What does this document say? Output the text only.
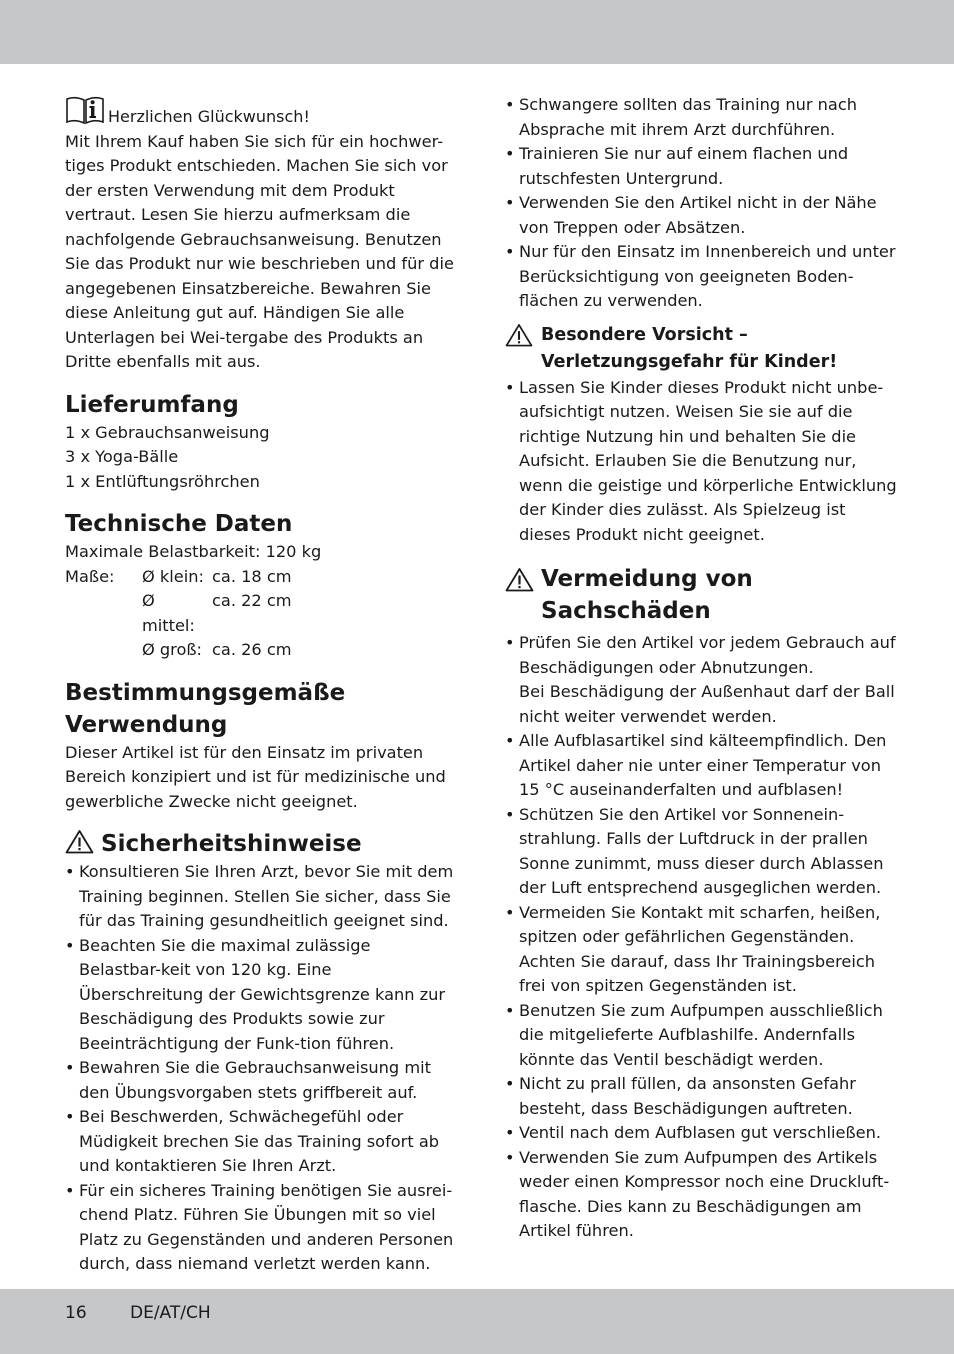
Herzlichen Glückwunsch!

Mit Ihrem Kauf haben Sie sich für ein hochwer-tiges Produkt entschieden. Machen Sie sich vor der ersten Verwendung mit dem Produkt vertraut. Lesen Sie hierzu aufmerksam die nachfolgende Gebrauchsanweisung. Benutzen Sie das Produkt nur wie beschrieben und für die angegebenen Einsatzbereiche. Bewahren Sie diese Anleitung gut auf. Händigen Sie alle Unterlagen bei Wei-tergabe des Produkts an Dritte ebenfalls mit aus.

Lieferumfang

1 x Gebrauchsanweisung

3 x Yoga-Bälle

1 x Entlüftungsröhrchen

Technische Daten

Maximale Belastbarkeit: 120 kg

Maße:	Ø klein: ca. 18 cm
Ø mittel:
ca. 22 cm
Ø groß: ca. 26 cm
Bestimmungsgemäße
Verwendung

Dieser Artikel ist für den Einsatz im privaten Bereich konzipiert und ist für medizinische und gewerbliche Zwecke nicht geeignet.

Sicherheitshinweise
• Konsultieren Sie Ihren Arzt, bevor Sie mit dem Training beginnen. Stellen Sie sicher, dass Sie für das Training gesundheitlich geeignet sind.
• Beachten Sie die maximal zulässige Belastbar-keit von 120 kg. Eine Überschreitung der Gewichtsgrenze kann zur Beschädigung des Produkts sowie zur Beeinträchtigung der Funk-tion führen.
• Bewahren Sie die Gebrauchsanweisung mit den Übungsvorgaben stets griffbereit auf.
• Bei Beschwerden, Schwächegefühl oder Müdigkeit brechen Sie das Training sofort ab und kontaktieren Sie Ihren Arzt.
• Für ein sicheres Training benötigen Sie ausrei-chend Platz. Führen Sie Übungen mit so viel Platz zu Gegenständen und anderen Personen durch, dass niemand verletzt werden kann.
• Schwangere sollten das Training nur nach Absprache mit ihrem Arzt durchführen.
• Trainieren Sie nur auf einem flachen und rutschfesten Untergrund.
• Verwenden Sie den Artikel nicht in der Nähe von Treppen oder Absätzen.
• Nur für den Einsatz im Innenbereich und unter Berücksichtigung von geeigneten Boden-flächen zu verwenden.
Besondere Vorsicht –
Verletzungsgefahr für Kinder!
• Lassen Sie Kinder dieses Produkt nicht unbe-aufsichtigt nutzen. Weisen Sie sie auf die richtige Nutzung hin und behalten Sie die Aufsicht. Erlauben Sie die Benutzung nur, wenn die geistige und körperliche Entwicklung der Kinder dies zulässt. Als Spielzeug ist dieses Produkt nicht geeignet.
Vermeidung von
Sachschäden
• Prüfen Sie den Artikel vor jedem Gebrauch auf Beschädigungen oder Abnutzungen.
Bei Beschädigung der Außenhaut darf der Ball nicht weiter verwendet werden.
• Alle Aufblasartikel sind kälteempfindlich. Den Artikel daher nie unter einer Temperatur von 15 °C auseinanderfalten und aufblasen!
• Schützen Sie den Artikel vor Sonnenein-strahlung. Falls der Luftdruck in der prallen Sonne zunimmt, muss dieser durch Ablassen der Luft entsprechend ausgeglichen werden.
• Vermeiden Sie Kontakt mit scharfen, heißen, spitzen oder gefährlichen Gegenständen. Achten Sie darauf, dass Ihr Trainingsbereich frei von spitzen Gegenständen ist.
• Benutzen Sie zum Aufpumpen ausschließlich die mitgelieferte Aufblashilfe. Andernfalls könnte das Ventil beschädigt werden.
• Nicht zu prall füllen, da ansonsten Gefahr besteht, dass Beschädigungen auftreten.
• Ventil nach dem Aufblasen gut verschließen.
• Verwenden Sie zum Aufpumpen des Artikels weder einen Kompressor noch eine Druckluft-flasche. Dies kann zu Beschädigungen am Artikel führen.
16	DE/AT/CH
